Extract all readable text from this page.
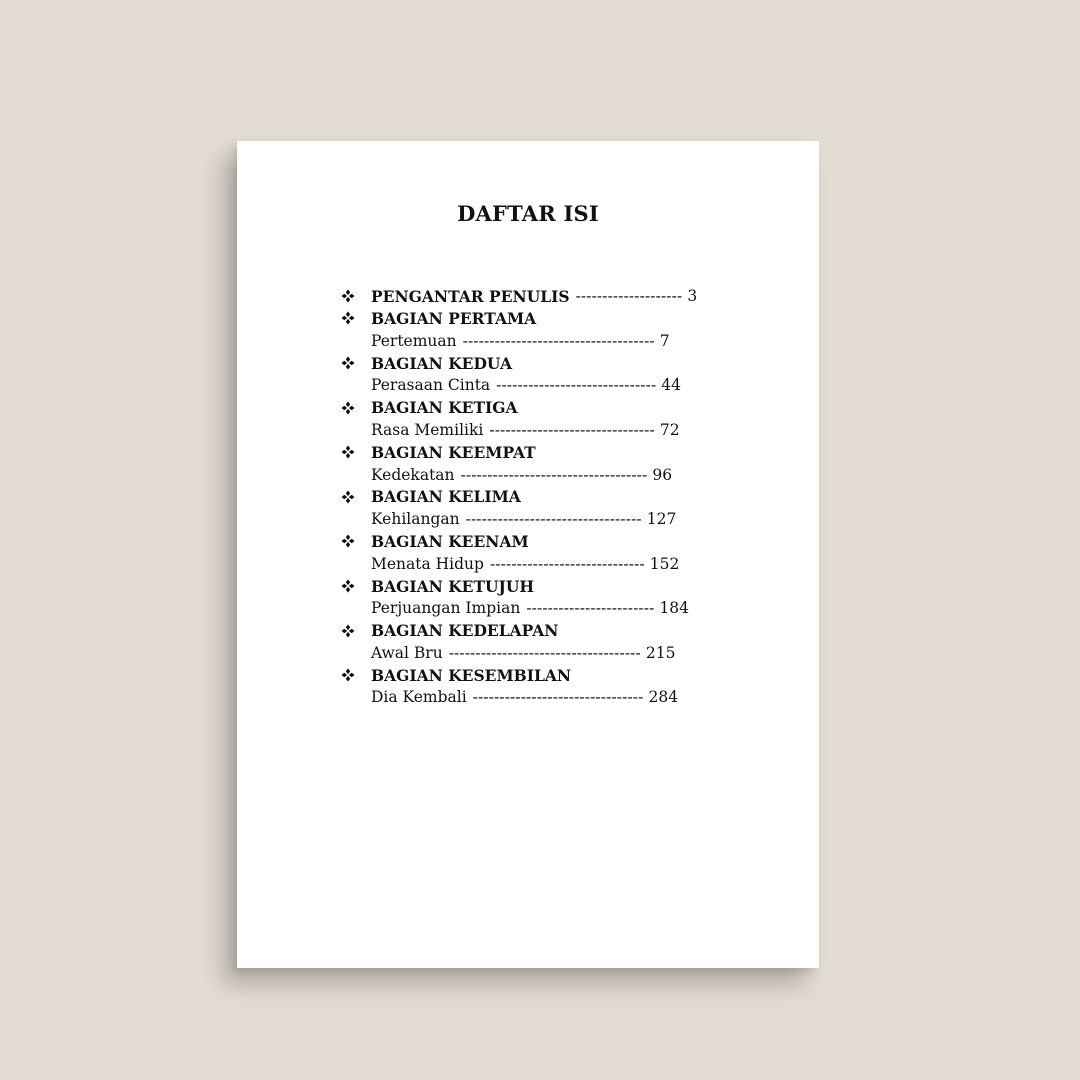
DAFTAR ISI
PENGANTAR PENULIS -------------------- 3
BAGIAN PERTAMA
Pertemuan ------------------------------------ 7
BAGIAN KEDUA
Perasaan Cinta ------------------------------ 44
BAGIAN KETIGA
Rasa Memiliki ------------------------------- 72
BAGIAN KEEMPAT
Kedekatan ----------------------------------- 96
BAGIAN KELIMA
Kehilangan --------------------------------- 127
BAGIAN KEENAM
Menata Hidup ----------------------------- 152
BAGIAN KETUJUH
Perjuangan Impian ------------------------ 184
BAGIAN KEDELAPAN
Awal Bru ------------------------------------ 215
BAGIAN KESEMBILAN
Dia Kembali -------------------------------- 284
